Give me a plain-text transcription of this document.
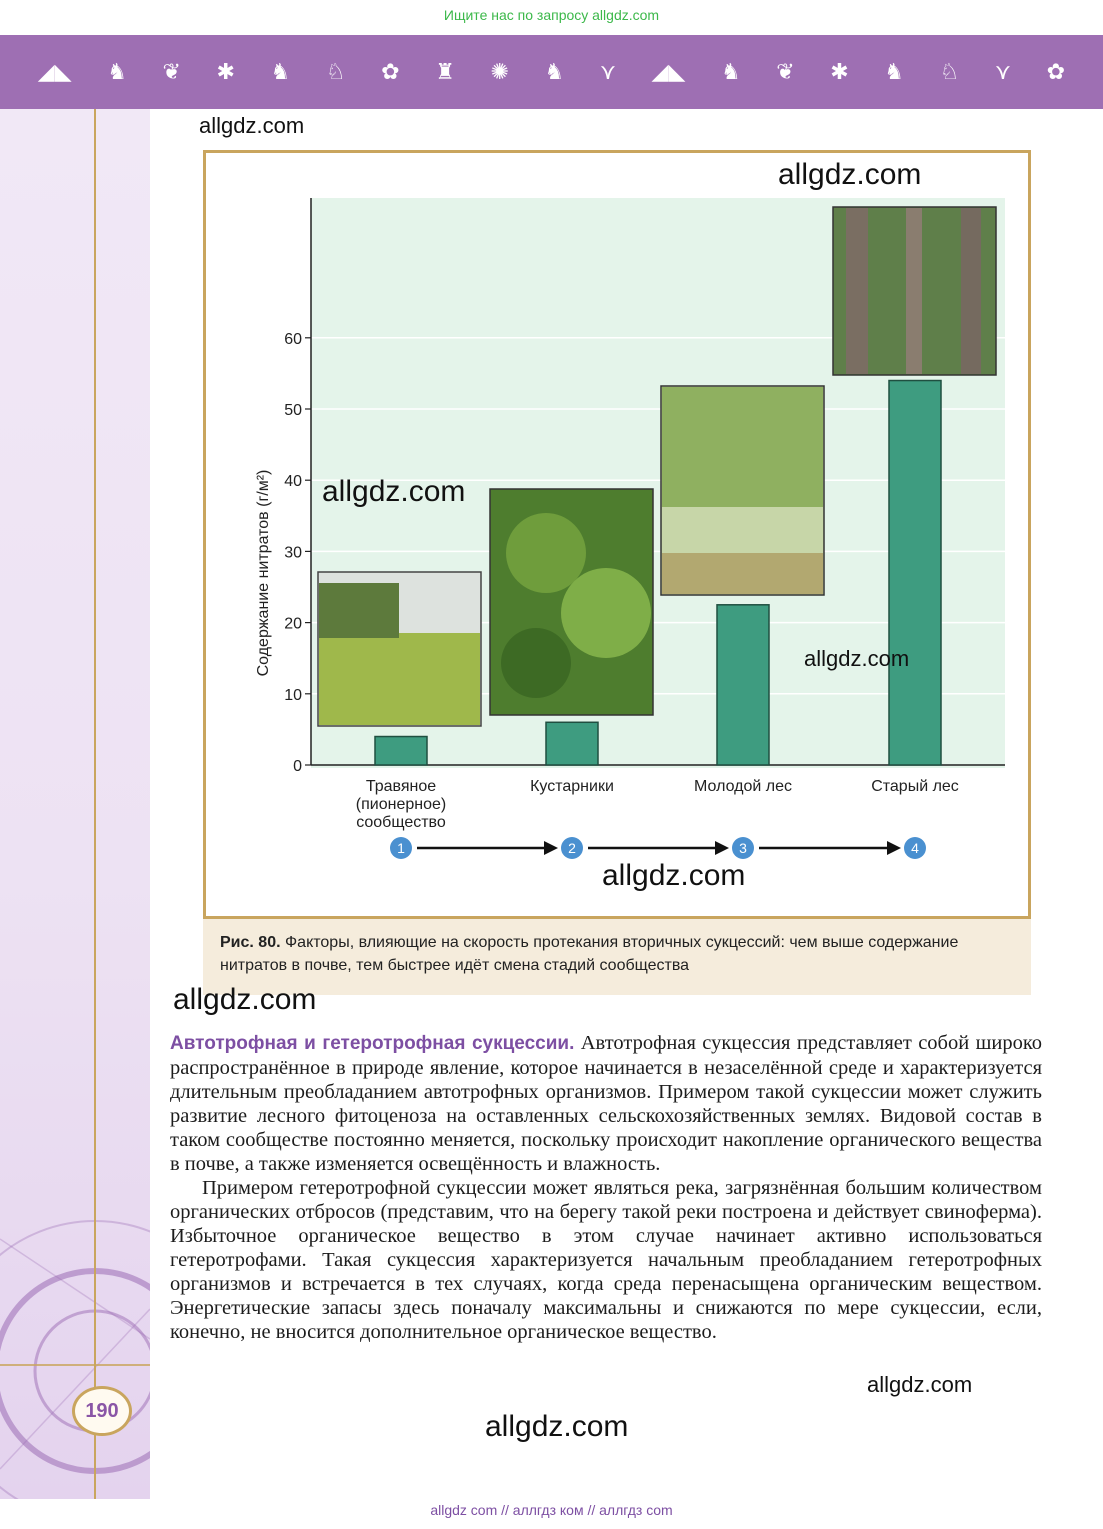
Ищите нас по запросу allgdz.com
◢◣ ♞ ❦ ✱ ♞ ♘ ✿ ♜ ✺ ♞ ⋎ ◢◣ ♞ ❦ ✱ ♞ ♘ ⋎ ✿
190
0
10
20
30
40
50
60
Содержание нитратов (г/м²)
Травяное (пионерное) сообщество
Кустарники	Молодой лес	Старый лес
1	2	3	4
allgdz.com
allgdz.com
allgdz.com
allgdz.com
allgdz.com
Рис. 80. Факторы, влияющие на скорость протекания вторичных сукцессий: чем выше содержание нитратов в почве, тем быстрее идёт смена стадий сообщества
allgdz.com

Автотрофная и гетеротрофная сукцессии. Автотрофная сукцессия представляет собой широко распространённое в природе явление, которое начинается в незаселённой среде и характеризуется длительным преобладанием автотрофных организмов. Примером такой сукцессии может служить развитие лесного фитоценоза на оставленных сельскохозяйственных землях. Видовой состав в таком сообществе постоянно меняется, поскольку происходит накопление органического вещества в почве, а также изменяется освещённость и влажность.

Примером гетеротрофной сукцессии может являться река, загрязнённая большим количеством органических отбросов (представим, что на берегу такой реки построена и действует свиноферма). Избыточное органическое вещество в этом случае начинает активно использоваться гетеротрофами. Такая сукцессия характеризуется начальным преобладанием гетеротрофных организмов и встречается в тех случаях, когда среда перенасыщена органическим веществом. Энергетические запасы здесь поначалу максимальны и снижаются по мере сукцессии, если, конечно, не вносится дополнительное органическое вещество.

allgdz.com
allgdz.com
allgdz com // аллгдз ком // аллгдз com
